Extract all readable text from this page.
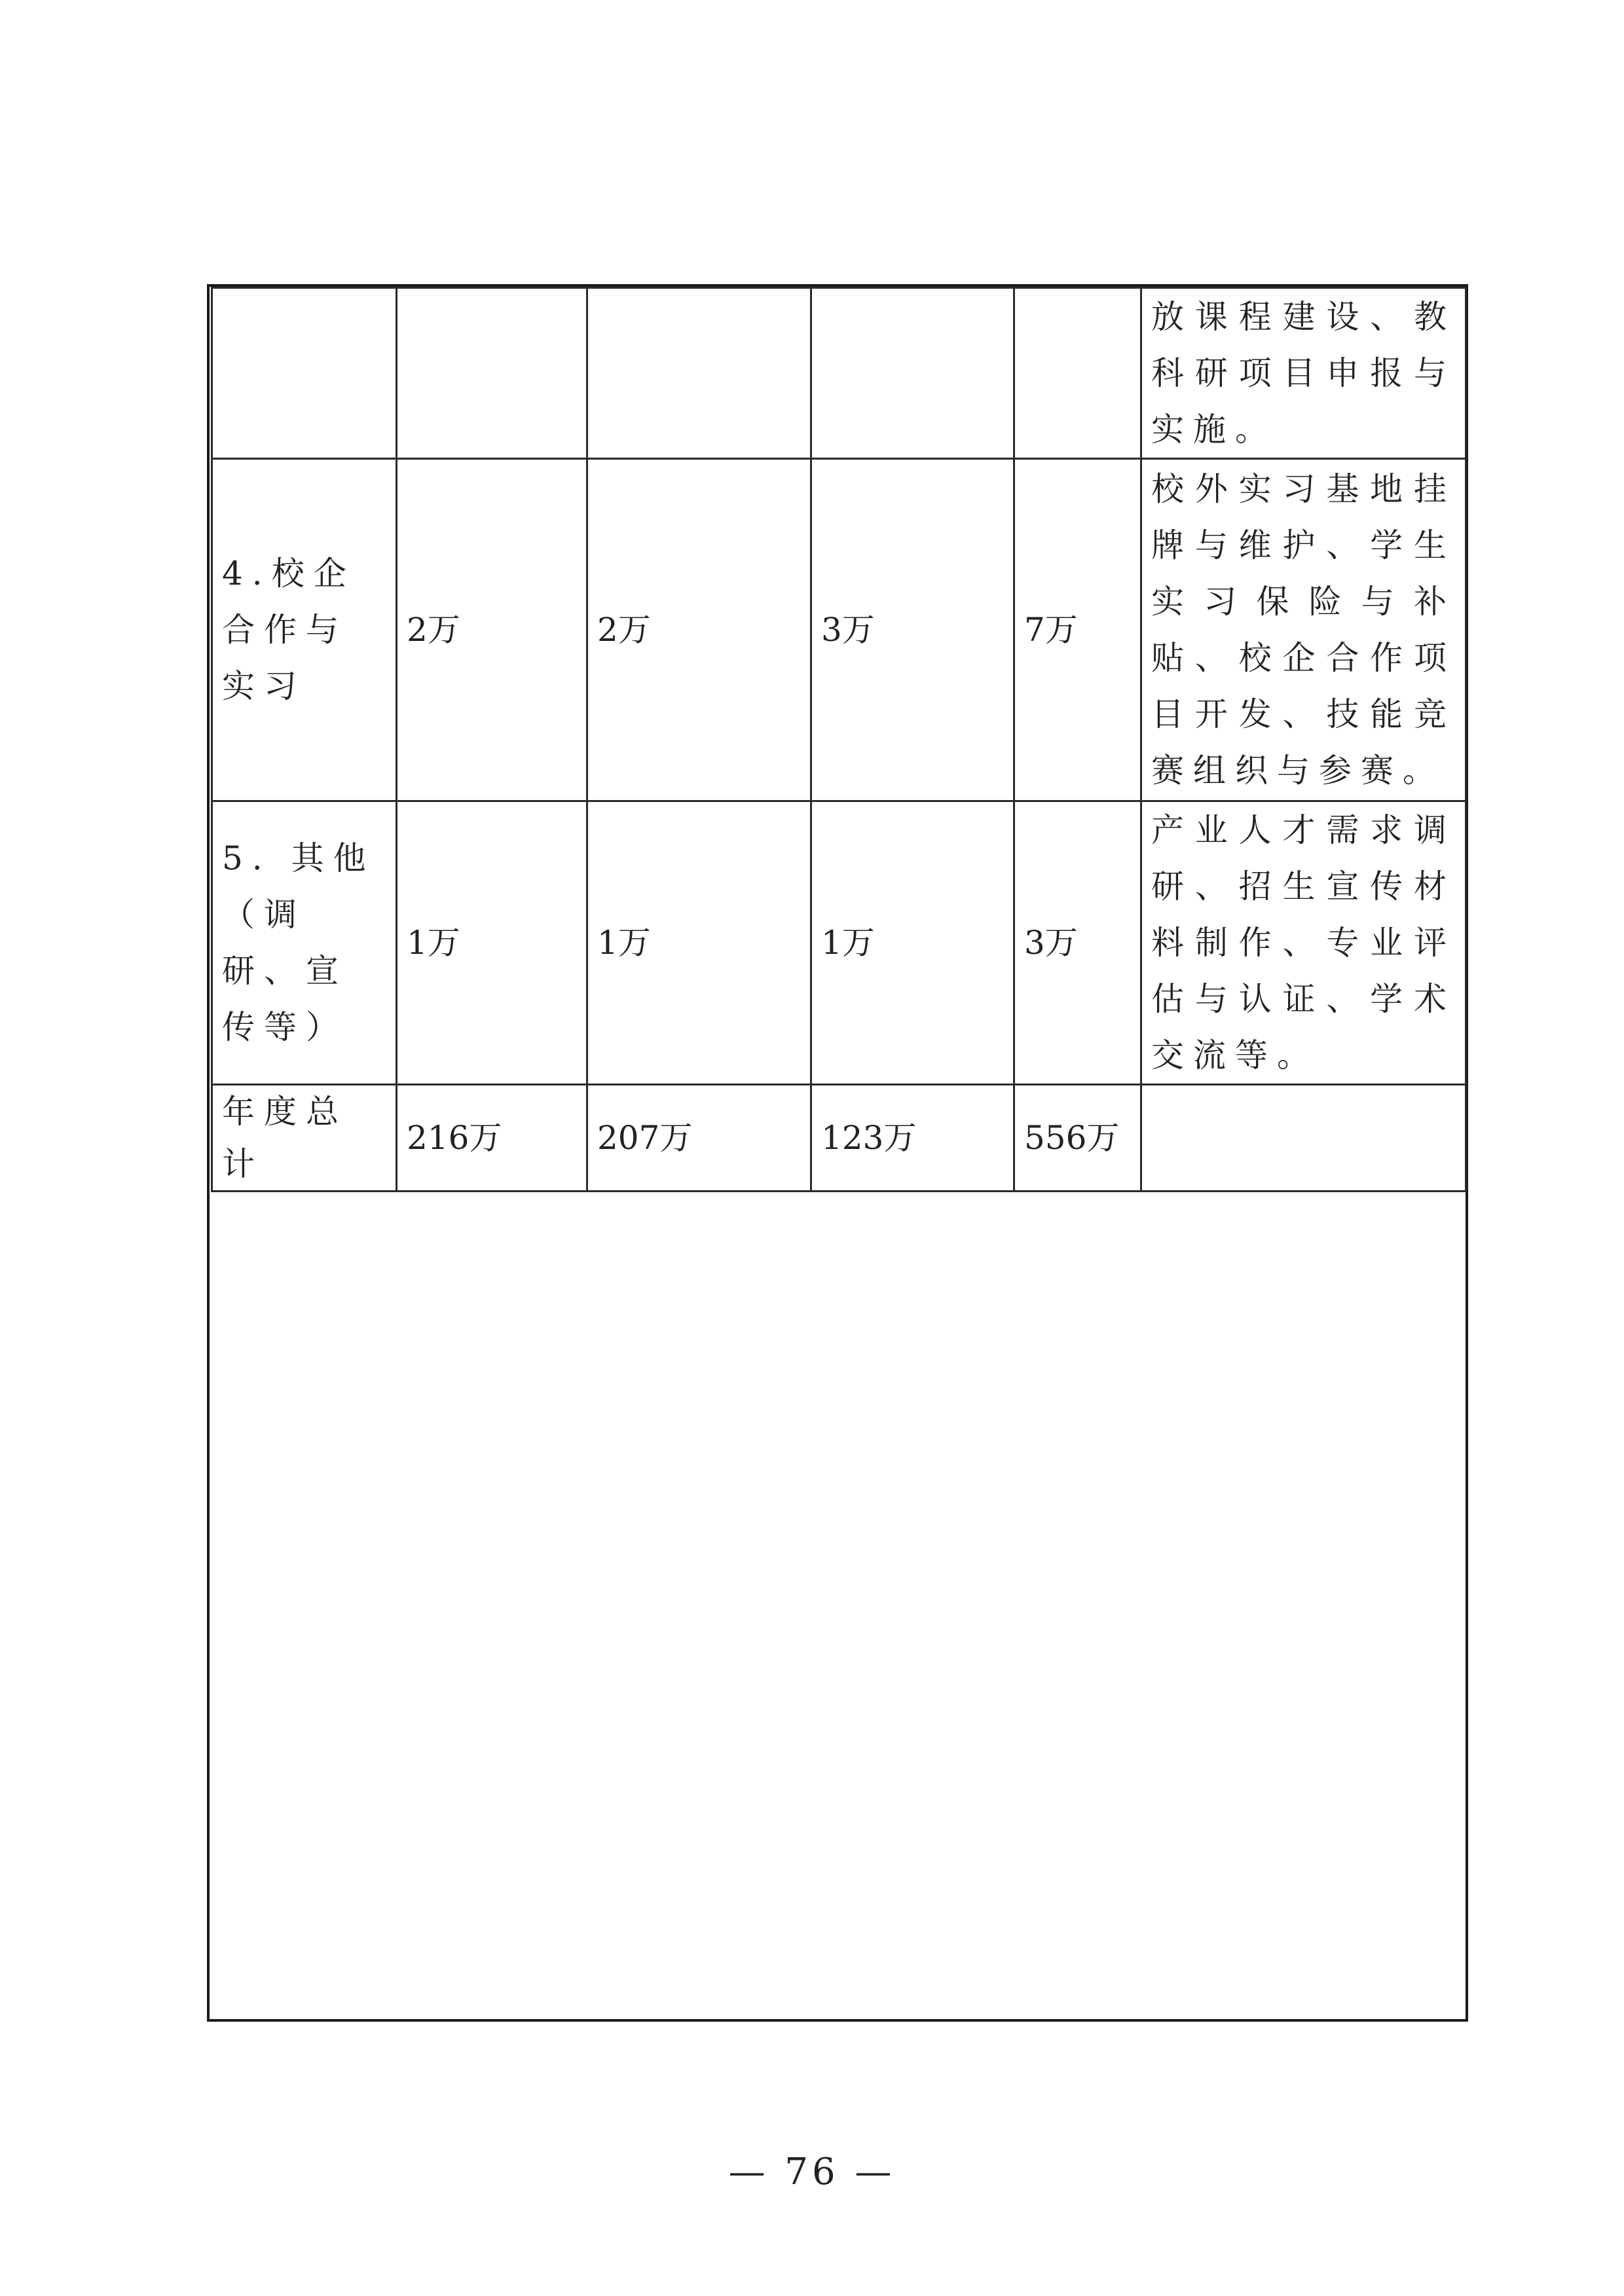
					放课程建设、教科研项目申报与实施。
4.校企合作与实习	2万	2万	3万	7万	校外实习基地挂牌与维护、学生实习保险与补贴、校企合作项目开发、技能竞赛组织与参赛。
5. 其他（调研、宣传等）	1万	1万	1万	3万	产业人才需求调研、招生宣传材料制作、专业评估与认证、学术交流等。
年度总计	216万	207万	123万	556万	
— 76 —
